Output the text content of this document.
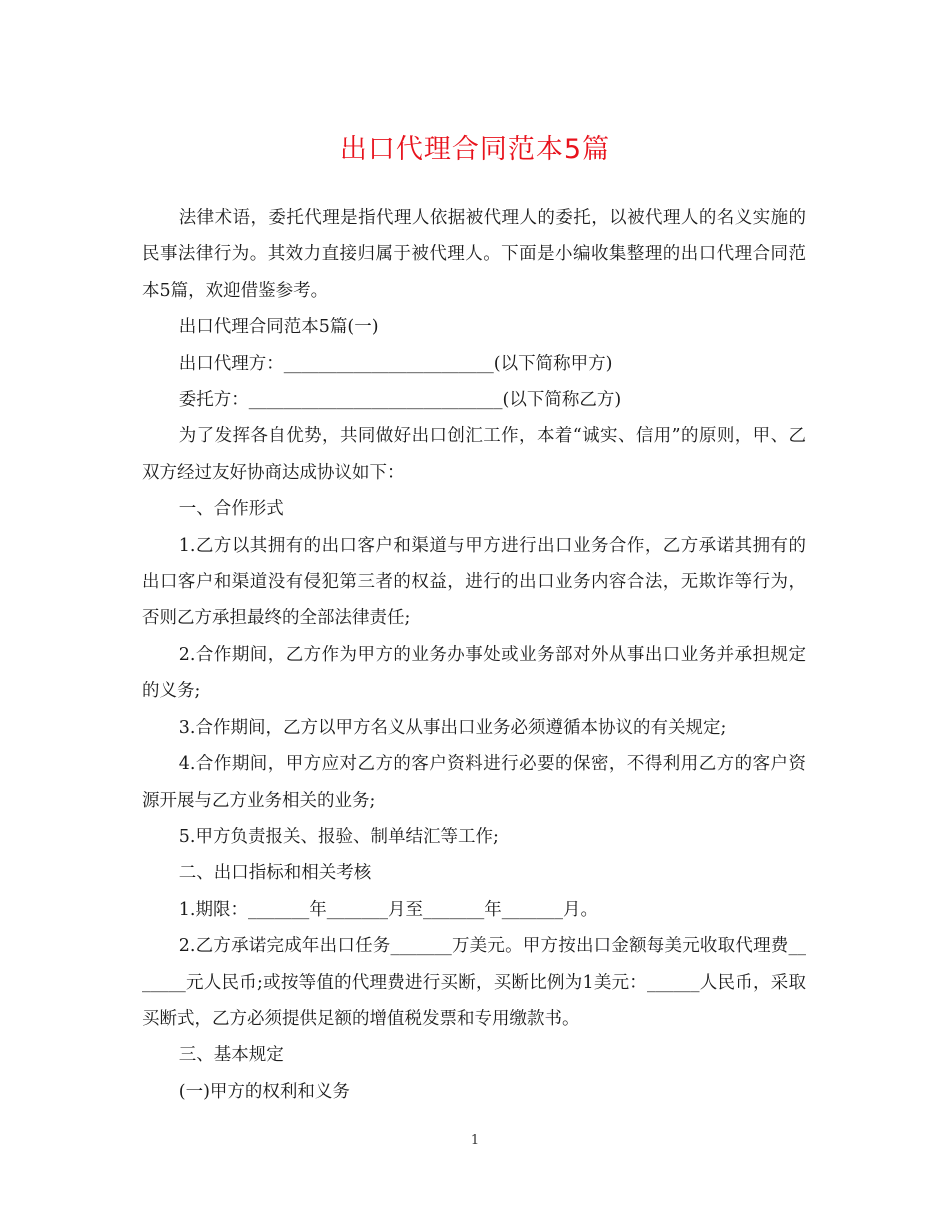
出口代理合同范本5篇

法律术语，委托代理是指代理人依据被代理人的委托，以被代理人的名义实施的民事法律行为。其效力直接归属于被代理人。下面是小编收集整理的出口代理合同范本5篇，欢迎借鉴参考。

出口代理合同范本5篇(一)

出口代理方：________________________(以下简称甲方)

委托方：_____________________________(以下简称乙方)

为了发挥各自优势，共同做好出口创汇工作，本着“诚实、信用”的原则，甲、乙双方经过友好协商达成协议如下：

一、合作形式

1.乙方以其拥有的出口客户和渠道与甲方进行出口业务合作，乙方承诺其拥有的出口客户和渠道没有侵犯第三者的权益，进行的出口业务内容合法，无欺诈等行为，否则乙方承担最终的全部法律责任;

2.合作期间，乙方作为甲方的业务办事处或业务部对外从事出口业务并承担规定的义务;

3.合作期间，乙方以甲方名义从事出口业务必须遵循本协议的有关规定;

4.合作期间，甲方应对乙方的客户资料进行必要的保密，不得利用乙方的客户资源开展与乙方业务相关的业务;

5.甲方负责报关、报验、制单结汇等工作;

二、出口指标和相关考核

1.期限：_______年_______月至_______年_______月。

2.乙方承诺完成年出口任务_______万美元。甲方按出口金额每美元收取代理费_______元人民币;或按等值的代理费进行买断，买断比例为1美元：______人民币，采取买断式，乙方必须提供足额的增值税发票和专用缴款书。

三、基本规定

(一)甲方的权利和义务

1
